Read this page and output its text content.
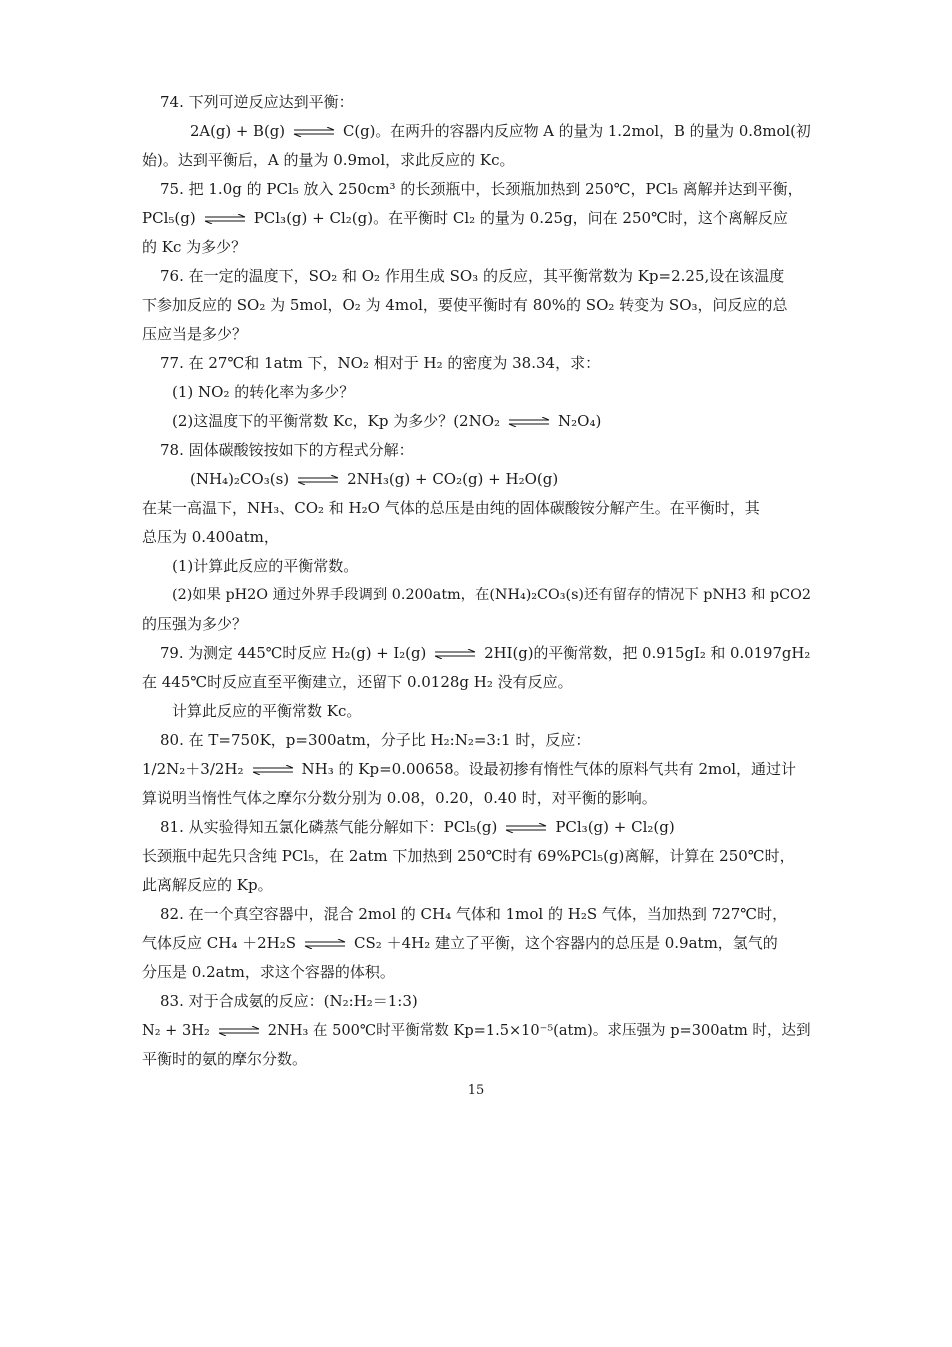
74. 下列可逆反应达到平衡：
2A(g) + B(g) ⇌ C(g)。在两升的容器内反应物 A 的量为 1.2mol，B 的量为 0.8mol(初
始)。达到平衡后，A 的量为 0.9mol，求此反应的 Kc。
75. 把 1.0g 的 PCl₅ 放入 250cm³ 的长颈瓶中，长颈瓶加热到 250℃，PCl₅ 离解并达到平衡，
PCl₅(g) ⇌ PCl₃(g) + Cl₂(g)。在平衡时 Cl₂ 的量为 0.25g，问在 250℃时，这个离解反应
的 Kc 为多少？
76. 在一定的温度下，SO₂ 和 O₂ 作用生成 SO₃ 的反应，其平衡常数为 Kp=2.25,设在该温度
下参加反应的 SO₂ 为 5mol，O₂ 为 4mol，要使平衡时有 80%的 SO₂ 转变为 SO₃，问反应的总
压应当是多少？
77. 在 27℃和 1atm 下，NO₂ 相对于 H₂ 的密度为 38.34，求：
(1) NO₂ 的转化率为多少？
(2)这温度下的平衡常数 Kc，Kp 为多少？(2NO₂ ⇌ N₂O₄)
78. 固体碳酸铵按如下的方程式分解：
(NH₄)₂CO₃(s) ⇌ 2NH₃(g) + CO₂(g) + H₂O(g)
在某一高温下，NH₃、CO₂ 和 H₂O 气体的总压是由纯的固体碳酸铵分解产生。在平衡时，其
总压为 0.400atm，
(1)计算此反应的平衡常数。
(2)如果 pH2O 通过外界手段调到 0.200atm，在(NH₄)₂CO₃(s)还有留存的情况下 pNH3 和 pCO2
的压强为多少？
79. 为测定 445℃时反应 H₂(g) + I₂(g) ⇌ 2HI(g)的平衡常数，把 0.915gI₂ 和 0.0197gH₂
在 445℃时反应直至平衡建立，还留下 0.0128g H₂ 没有反应。
计算此反应的平衡常数 Kc。
80. 在 T=750K，p=300atm，分子比 H₂:N₂=3:1 时，反应：
1/2N₂＋3/2H₂ ⇌ NH₃ 的 Kp=0.00658。设最初掺有惰性气体的原料气共有 2mol，通过计
算说明当惰性气体之摩尔分数分别为 0.08，0.20，0.40 时，对平衡的影响。
81. 从实验得知五氯化磷蒸气能分解如下：PCl₅(g) ⇌ PCl₃(g) + Cl₂(g)
长颈瓶中起先只含纯 PCl₅，在 2atm 下加热到 250℃时有 69%PCl₅(g)离解，计算在 250℃时，
此离解反应的 Kp。
82. 在一个真空容器中，混合 2mol 的 CH₄ 气体和 1mol 的 H₂S 气体，当加热到 727℃时，
气体反应 CH₄ ＋2H₂S ⇌ CS₂ ＋4H₂ 建立了平衡，这个容器内的总压是 0.9atm，氢气的
分压是 0.2atm，求这个容器的体积。
83. 对于合成氨的反应：(N₂:H₂＝1:3)
N₂ + 3H₂ ⇌ 2NH₃ 在 500℃时平衡常数 Kp=1.5×10⁻⁵(atm)。求压强为 p=300atm 时，达到
平衡时的氨的摩尔分数。
15
